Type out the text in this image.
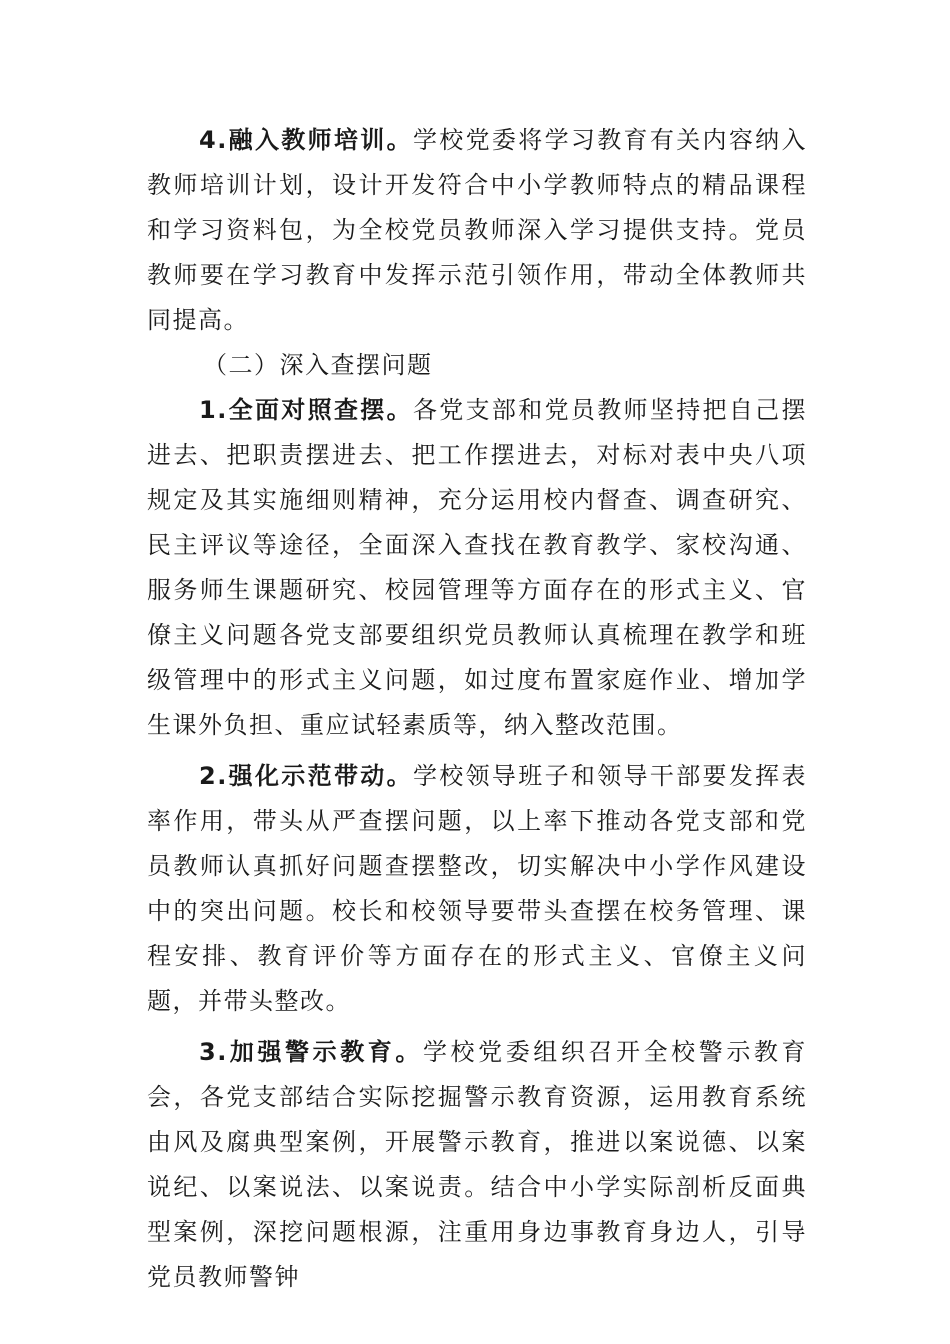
4.融入教师培训。学校党委将学习教育有关内容纳入教师培训计划，设计开发符合中小学教师特点的精品课程和学习资料包，为全校党员教师深入学习提供支持。党员教师要在学习教育中发挥示范引领作用，带动全体教师共同提高。

（二）深入查摆问题

1.全面对照查摆。各党支部和党员教师坚持把自己摆进去、把职责摆进去、把工作摆进去，对标对表中央八项规定及其实施细则精神，充分运用校内督查、调查研究、民主评议等途径，全面深入查找在教育教学、家校沟通、服务师生课题研究、校园管理等方面存在的形式主义、官僚主义问题各党支部要组织党员教师认真梳理在教学和班级管理中的形式主义问题，如过度布置家庭作业、增加学生课外负担、重应试轻素质等，纳入整改范围。

2.强化示范带动。学校领导班子和领导干部要发挥表率作用，带头从严查摆问题，以上率下推动各党支部和党员教师认真抓好问题查摆整改，切实解决中小学作风建设中的突出问题。校长和校领导要带头查摆在校务管理、课程安排、教育评价等方面存在的形式主义、官僚主义问题，并带头整改。

3.加强警示教育。学校党委组织召开全校警示教育会，各党支部结合实际挖掘警示教育资源，运用教育系统由风及腐典型案例，开展警示教育，推进以案说德、以案说纪、以案说法、以案说责。结合中小学实际剖析反面典型案例，深挖问题根源，注重用身边事教育身边人，引导党员教师警钟
